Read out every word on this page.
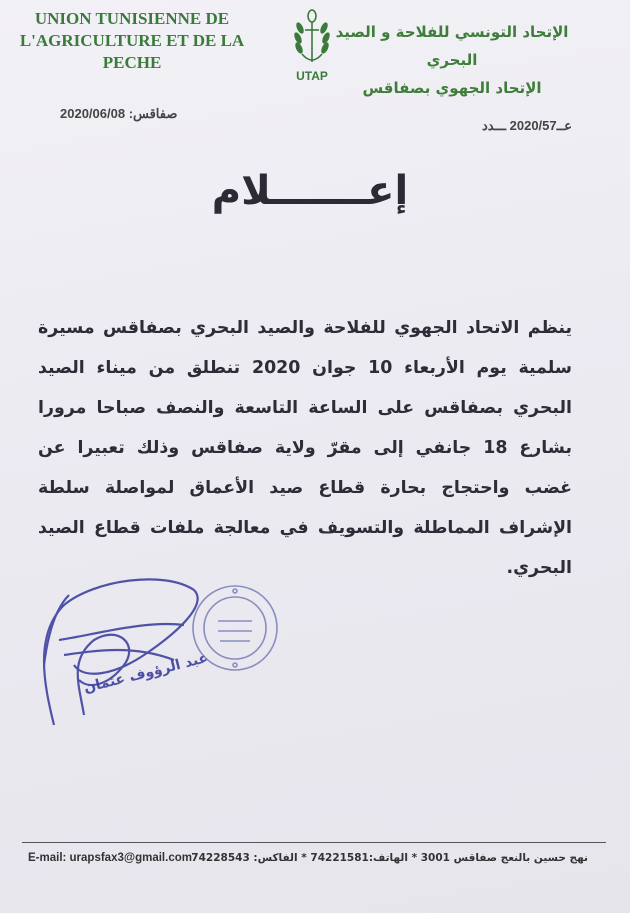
UNION TUNISIENNE DE
L'AGRICULTURE ET DE LA PECHE
UTAP
الإتحاد التونسي للفلاحة و الصيد البحري
الإتحاد الجهوي بصفاقس
صفاقس: 2020/06/08
عــ2020/57 ـــدد
إعـــــــلام
ينظم الاتحاد الجهوي للفلاحة والصيد البحري بصفاقس مسيرة سلمية يوم الأربعاء 10 جوان 2020 تنطلق من ميناء الصيد البحري بصفاقس على الساعة التاسعة والنصف صباحا مرورا بشارع 18 جانفي إلى مقرّ ولاية صفاقس وذلك تعبيرا عن غضب واحتجاج بحارة قطاع صيد الأعماق لمواصلة سلطة الإشراف المماطلة والتسويف في معالجة ملفات قطاع الصيد البحري.
عبد الرؤوف عثمان
E-mail: urapsfax3@gmail.com نهج حسين بالنعج صفاقس 3001 * الهاتف:74221581 * الفاكس: 74228543
